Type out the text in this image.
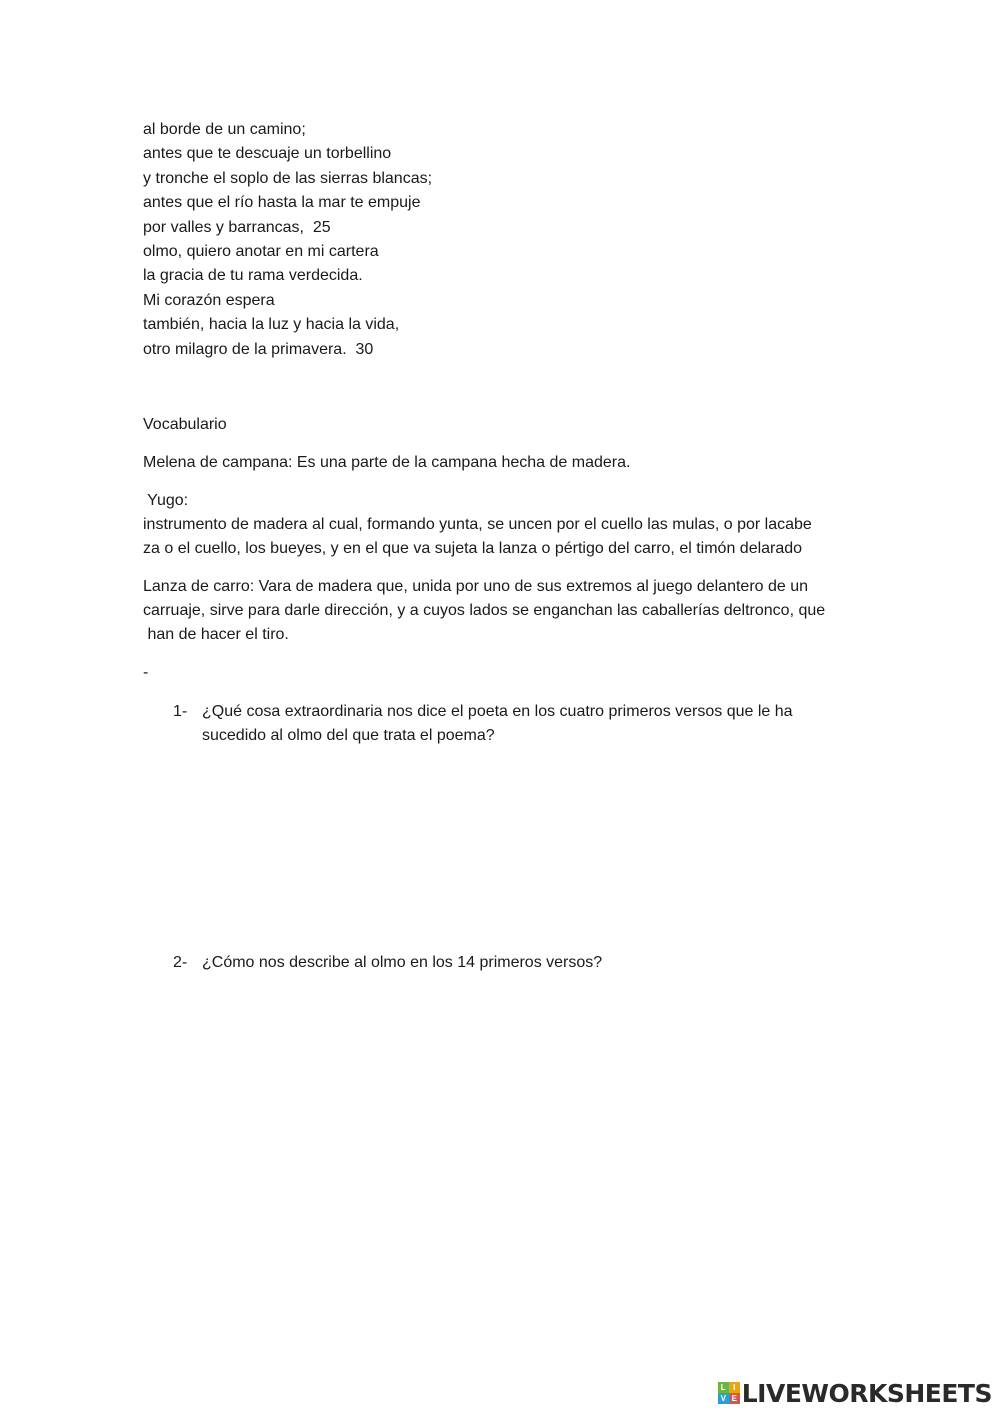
al borde de un camino;
antes que te descuaje un torbellino
y tronche el soplo de las sierras blancas;
antes que el río hasta la mar te empuje
por valles y barrancas,  25
olmo, quiero anotar en mi cartera
la gracia de tu rama verdecida.
Mi corazón espera
también, hacia la luz y hacia la vida,
otro milagro de la primavera.  30
Vocabulario
Melena de campana: Es una parte de la campana hecha de madera.
Yugo:
instrumento de madera al cual, formando yunta, se uncen por el cuello las mulas, o por lacabe
za o el cuello, los bueyes, y en el que va sujeta la lanza o pértigo del carro, el timón delarado
Lanza de carro: Vara de madera que, unida por uno de sus extremos al juego delantero de un
carruaje, sirve para darle dirección, y a cuyos lados se enganchan las caballerías deltronco, que
han de hacer el tiro.
-
1- ¿Qué cosa extraordinaria nos dice el poeta en los cuatro primeros versos que le ha sucedido al olmo del que trata el poema?
2- ¿Cómo nos describe al olmo en los 14 primeros versos?
L I
V E LIVEWORKSHEETS
